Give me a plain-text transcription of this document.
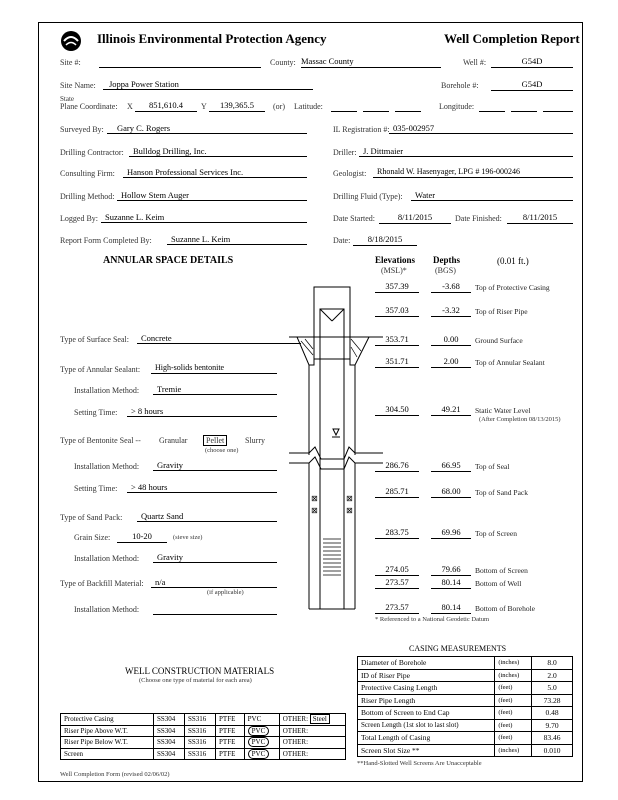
Illinois Environmental Protection Agency	Well Completion Report
Site #:	County: Massac County	Well #:	G54D
Site Name:	Joppa Power Station	Borehole #:	G54D
State
Plane Coordinate: X	851,610.4	Y	139,365.5	(or) Latitude:	Longitude:
Surveyed By:	Gary C. Rogers	IL Registration #: 035-002957
Drilling Contractor:	Bulldog Drilling, Inc.	Driller: J. Dittmaier
Consulting Firm:	Hanson Professional Services Inc.	Geologist:	Rhonald W. Hasenyager, LPG # 196-000246
Drilling Method: Hollow Stem Auger	Drilling Fluid (Type):	Water
Logged By: Suzanne L. Keim	Date Started:	8/11/2015	Date Finished:	8/11/2015
Report Form Completed By:	Suzanne L. Keim	Date:	8/18/2015
ANNULAR SPACE DETAILS	Elevations
(MSL)*
Depths
(BGS)
(0.01 ft.)
⊠	⊠
⊠	⊠
Type of Surface Seal:	Concrete
Type of Annular Sealant:	High-solids bentonite
Installation Method:	Tremie
Setting Time:	> 8 hours
Type of Bentonite Seal -- Granular	Pellet	Slurry
(choose one)
Installation Method:	Gravity
Setting Time:	> 48 hours
Type of Sand Pack:	Quartz Sand
Grain Size:	10-20	(sieve size)
Installation Method:	Gravity
Type of Backfill Material:	n/a
(if applicable)
Installation Method:
357.39	-3.68	Top of Protective Casing
357.03	-3.32	Top of Riser Pipe
353.71	0.00	Ground Surface
351.71	2.00	Top of Annular Sealant
304.50	49.21	Static Water Level
(After Completion 08/13/2015)
286.76	66.95	Top of Seal
285.71	68.00	Top of Sand Pack
283.75	69.96	Top of Screen
274.05	79.66	Bottom of Screen
273.57	80.14	Bottom of Well
273.57	80.14	Bottom of Borehole
* Referenced to a National Geodetic Datum
CASING MEASUREMENTS
Diameter of Borehole	(inches)	8.0
ID of Riser Pipe	(inches)	2.0
Protective Casing Length	(feet)	5.0
Riser Pipe Length	(feet)	73.28
Bottom of Screen to End Cap	(feet)	0.48
Screen Length (1st slot to last slot)	(feet)	9.70
Total Length of Casing	(feet)	83.46
Screen Slot Size **	(inches)	0.010
**Hand-Slotted Well Screens Are Unacceptable
WELL CONSTRUCTION MATERIALS
(Choose one type of material for each area)
Protective Casing	SS304	SS316	PTFE	PVC	OTHER: Steel
Riser Pipe Above W.T.	SS304	SS316	PTFE	PVC	OTHER:
Riser Pipe Below W.T.	SS304	SS316	PTFE	PVC	OTHER:
Screen	SS304	SS316	PTFE	PVC	OTHER:
Well Completion Form (revised 02/06/02)
